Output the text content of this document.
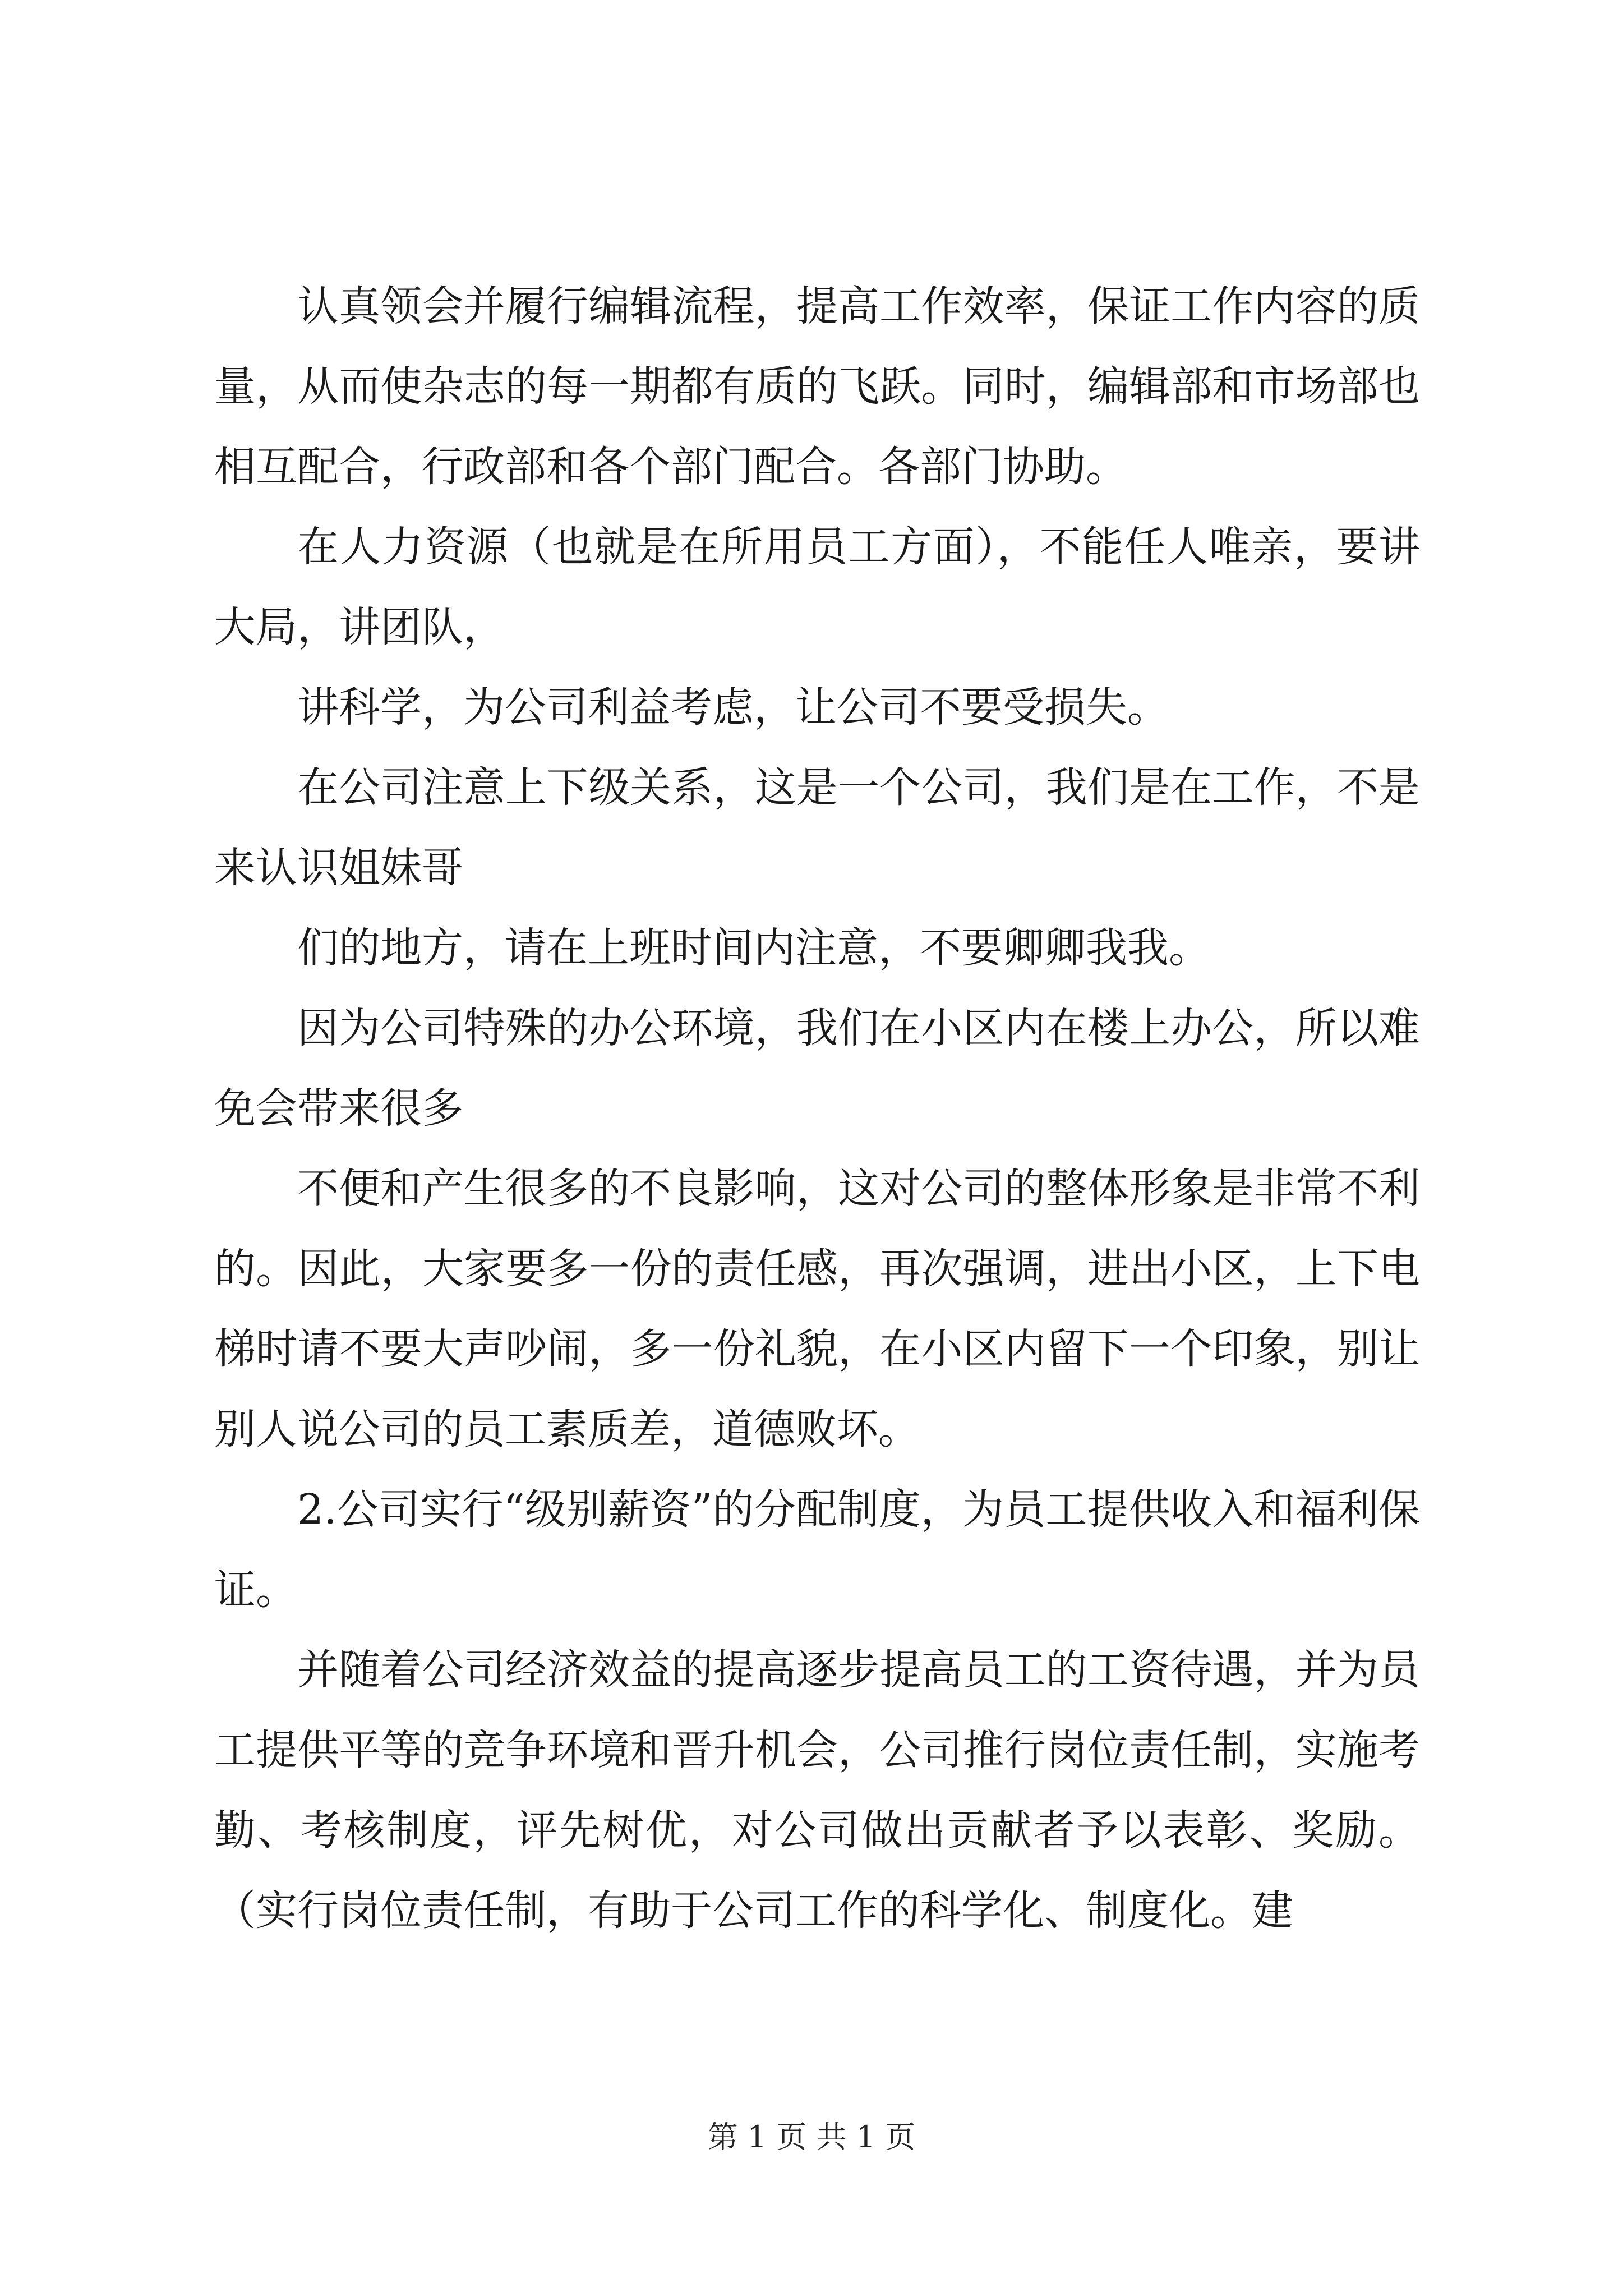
认真领会并履行编辑流程，提高工作效率，保证工作内容的质量，从而使杂志的每一期都有质的飞跃。同时，编辑部和市场部也相互配合，行政部和各个部门配合。各部门协助。

在人力资源（也就是在所用员工方面），不能任人唯亲，要讲大局，讲团队，

讲科学，为公司利益考虑，让公司不要受损失。

在公司注意上下级关系，这是一个公司，我们是在工作，不是来认识姐妹哥

们的地方，请在上班时间内注意，不要卿卿我我。

因为公司特殊的办公环境，我们在小区内在楼上办公，所以难免会带来很多

不便和产生很多的不良影响，这对公司的整体形象是非常不利的。因此，大家要多一份的责任感，再次强调，进出小区，上下电梯时请不要大声吵闹，多一份礼貌，在小区内留下一个印象，别让别人说公司的员工素质差，道德败坏。

2.公司实行“级别薪资”的分配制度，为员工提供收入和福利保证。

并随着公司经济效益的提高逐步提高员工的工资待遇，并为员工提供平等的竞争环境和晋升机会，公司推行岗位责任制，实施考勤、考核制度，评先树优，对公司做出贡献者予以表彰、奖励。（实行岗位责任制，有助于公司工作的科学化、制度化。建

第 1 页 共 1 页
